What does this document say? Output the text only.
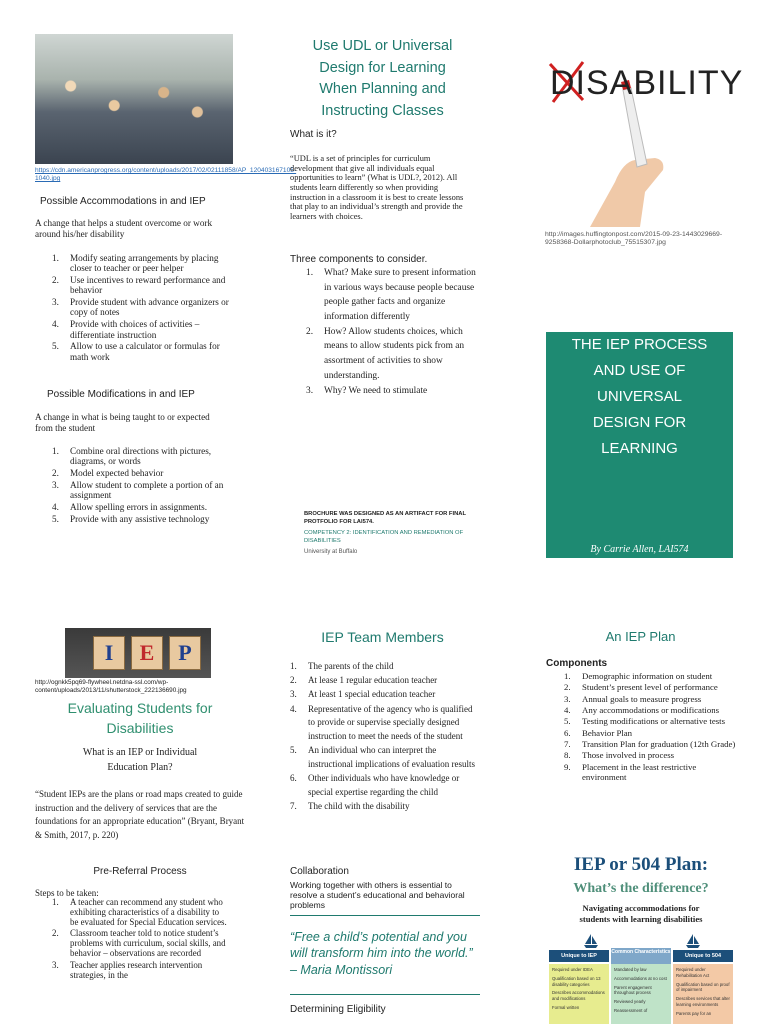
https://cdn.americanprogress.org/content/uploads/2017/02/02111858/AP_120403167105-1040.jpg
Possible Accommodations in and IEP
A change that helps a student overcome or work around his/her disability
1. Modify seating arrangements by placing closer to teacher or peer helper
2. Use incentives to reward performance and behavior
3. Provide student with advance organizers or copy of notes
4. Provide with choices of activities – differentiate instruction
5. Allow to use a calculator or formulas for math work
Possible Modifications in and IEP
A change in what is being taught to or expected from the student
1. Combine oral directions with pictures, diagrams, or words
2. Model expected behavior
3. Allow student to complete a portion of an assignment
4. Allow spelling errors in assignments.
5. Provide with any assistive technology
Use UDL or Universal
Design for Learning
When Planning and
Instructing Classes
What is it?
“UDL is a set of principles for curriculum development that give all individuals equal opportunities to learn” (What is UDL?, 2012). All students learn differently so when providing instruction in a classroom it is best to create lessons that play to an individual’s strength and provide the learners with choices.
Three components to consider.
1. What? Make sure to present information in various ways because people because people gather facts and organize information differently
2. How? Allow students choices, which means to allow students pick from an assortment of activities to show understanding.
3. Why? We need to stimulate
BROCHURE WAS DESIGNED AS AN ARTIFACT FOR FINAL PROTFOLIO FOR LAI574.
COMPETENCY 2: IDENTIFICATION AND REMEDIATION OF DISABILITIES
University at Buffalo
DISABILITY
http://images.huffingtonpost.com/2015-09-23-1443029669-9258368-Dollarphotoclub_75515307.jpg
THE IEP PROCESS
AND USE OF
UNIVERSAL
DESIGN FOR
LEARNING
By Carrie Allen, LAI574
I	E	P
http://ognkk5pq69-flywheel.netdna-ssl.com/wp-content/uploads/2013/11/shutterstock_222136690.jpg
Evaluating Students for
Disabilities
What is an IEP or Individual
Education Plan?
“Student IEPs are the plans or road maps created to guide instruction and the delivery of services that are the foundations for an appropriate education” (Bryant, Bryant & Smith, 2017, p. 220)
Pre-Referral Process
Steps to be taken:
1. A teacher can recommend any student who exhibiting characteristics of a disability to be evaluated for Special Education services.
2. Classroom teacher told to notice student’s problems with curriculum, social skills, and behavior – observations are recorded
3. Teacher applies research intervention strategies, in the
IEP Team Members
1. The parents of the child
2. At lease 1 regular education teacher
3. At least 1 special education teacher
4. Representative of the agency who is qualified to provide or supervise specially designed instruction to meet the needs of the student
5. An individual who can interpret the instructional implications of evaluation results
6. Other individuals who have knowledge or special expertise regarding the child
7. The child with the disability
Collaboration
Working together with others is essential to resolve a student’s educational and behavioral problems
“Free a child’s potential and you will transform him into the world.” – Maria Montissori
Determining Eligibility
An IEP Plan
Components
1. Demographic information on student
2. Student’s present level of performance
3. Annual goals to measure progress
4. Any accommodations or modifications
5. Testing modifications or alternative tests
6. Behavior Plan
7. Transition Plan for graduation (12th Grade)
8. Those involved in process
9. Placement in the least restrictive environment
IEP or 504 Plan:
What’s the difference?
Navigating accommodations for
students with learning disabilities
Unique to IEP
Common Characteristics
Unique to 504
Required under IDEA
Qualification based on 13 disability categories
Describes accommodations and modifications
Formal written
Mandated by law
Accommodations at no cost
Parent engagement throughout process
Reviewed yearly
Reassessment of
Required under Rehabilitation Act
Qualification based on proof of impairment
Describes services that alter learning environments
Parents pay for an
